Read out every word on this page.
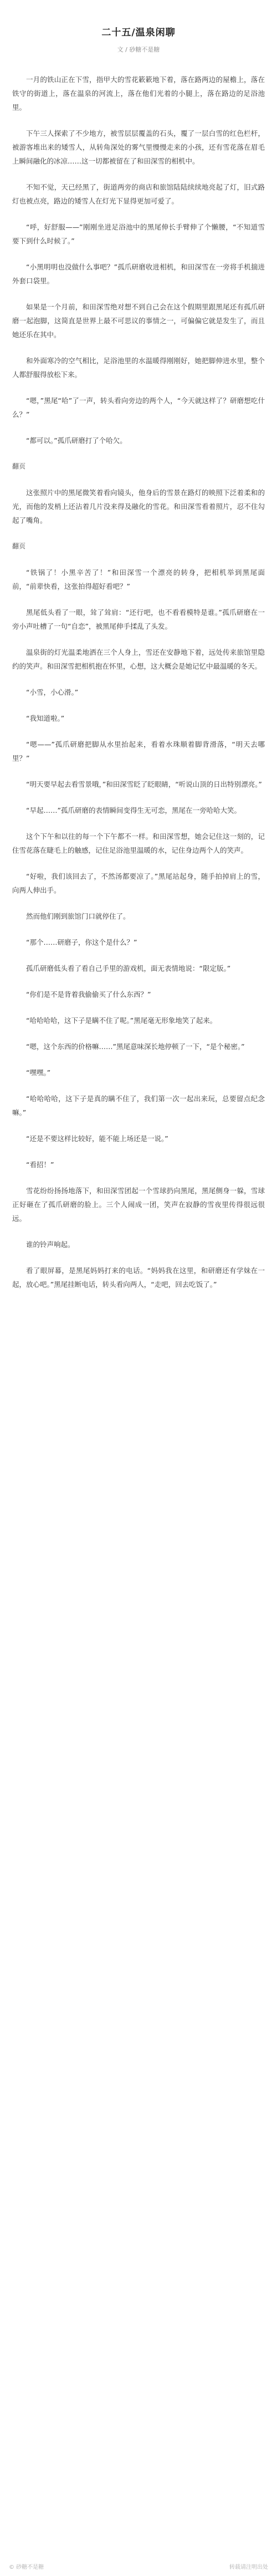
二十五/温泉闲聊
文 / 砂糖不是糖

一月的铁山正在下雪，指甲大的雪花簌簌地下着，落在路两边的屋檐上，落在铁守的街道上，落在温泉的河流上，落在他们光着的小腿上，落在路边的足浴池里。

下午三人探索了不少地方，被雪层层覆盖的石头，覆了一层白雪的红色栏杆，被游客堆出来的矮雪人，从转角深处的雾气里慢慢走来的小孩，还有雪花落在眉毛上瞬间融化的冰凉……这一切都被留在了和田深雪的相机中。

不知不觉，天已经黑了，街道两旁的商店和旅馆陆陆续续地亮起了灯，旧式路灯也被点亮，路边的矮雪人在灯光下显得更加可爱了。

“呼，好舒服——”刚刚坐进足浴池中的黑尾伸长手臂伸了个懒腰，“不知道雪要下到什么时候了。”

“小黑明明也没做什么事吧？”孤爪研磨收进相机，和田深雪在一旁将手机揣进外套口袋里。

如果是一个月前，和田深雪绝对想不到自己会在这个假期里跟黑尾还有孤爪研磨一起泡脚，这简直是世界上最不可思议的事情之一，可偏偏它就是发生了，而且她还乐在其中。

和外面寒冷的空气相比，足浴池里的水温暖得刚刚好，她把脚伸进水里，整个人都舒服得放松下来。

“嗯，”黑尾“哈”了一声，转头看向旁边的两个人，“今天就这样了？研磨想吃什么？”

“都可以。”孤爪研磨打了个哈欠。

翻页

这张照片中的黑尾微笑着看向镜头，他身后的雪景在路灯的映照下泛着柔和的光，而他的发梢上还沾着几片没来得及融化的雪花。和田深雪看着照片，忍不住勾起了嘴角。

翻页

“铁锅了！小黑辛苦了！”和田深雪一个漂亮的转身，把相机举到黑尾面前，“前辈快看，这张拍得超好看吧？”

黑尾低头看了一眼，耸了耸肩：“还行吧，也不看看模特是谁。”孤爪研磨在一旁小声吐槽了一句“自恋”，被黑尾伸手揉乱了头发。

温泉街的灯光温柔地洒在三个人身上，雪还在安静地下着，远处传来旅馆里隐约的笑声。和田深雪把相机抱在怀里，心想，这大概会是她记忆中最温暖的冬天。

“小雪，小心滑。”

“我知道啦。”

“嗯——”孤爪研磨把脚从水里抬起来，看着水珠顺着脚背滑落，“明天去哪里？”

“明天要早起去看雪景哦，”和田深雪眨了眨眼睛，“听说山顶的日出特别漂亮。”

“早起……”孤爪研磨的表情瞬间变得生无可恋，黑尾在一旁哈哈大笑。

这个下午和以往的每一个下午都不一样。和田深雪想，她会记住这一刻的，记住雪花落在睫毛上的触感，记住足浴池里温暖的水，记住身边两个人的笑声。

“好啦，我们该回去了，不然汤都要凉了。”黑尾站起身，随手拍掉肩上的雪，向两人伸出手。

然而他们刚到旅馆门口就停住了。

“那个……研磨子，你这个是什么？”

孤爪研磨低头看了看自己手里的游戏机，面无表情地说：“限定版。”

“你们是不是背着我偷偷买了什么东西？”

“哈哈哈哈，这下子是瞒不住了呢。”黑尾毫无形象地笑了起来。

“嗯，这个东西的价格嘛……”黑尾意味深长地停顿了一下，“是个秘密。”

“嘿嘿。”

“哈哈哈哈，这下子是真的瞒不住了，我们第一次一起出来玩，总要留点纪念嘛。”

“还是不要这样比较好，能不能上场还是一说。”

“看招！”

雪花纷纷扬扬地落下，和田深雪团起一个雪球扔向黑尾，黑尾侧身一躲，雪球正好砸在了孤爪研磨的脸上。三个人闹成一团，笑声在寂静的雪夜里传得很远很远。

谁的铃声响起。

看了眼屏幕，是黑尾妈妈打来的电话。“妈妈我在这里，和研磨还有学妹在一起，放心吧。”黑尾挂断电话，转头看向两人，“走吧，回去吃饭了。”

© 砂糖不是糖	转载请注明出处
